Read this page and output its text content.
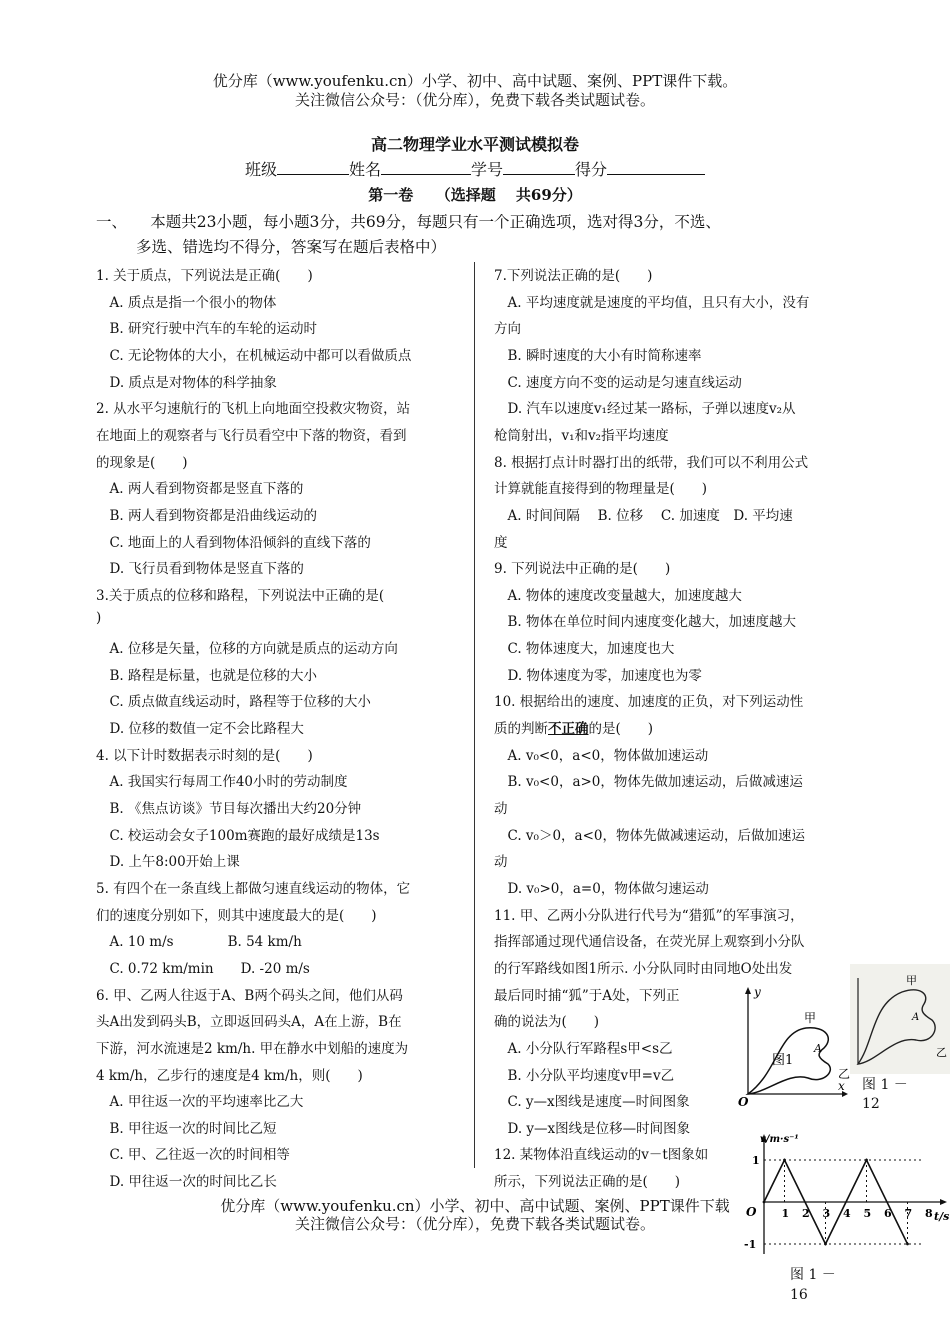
优分库（www.youfenku.cn）小学、初中、高中试题、案例、PPT课件下载。
关注微信公众号：（优分库），免费下载各类试题试卷。
高二物理学业水平测试模拟卷
班级	姓名	学号	得分
第一卷　　（选择题　 共69分）
一、　　本题共23小题，每小题3分，共69分，每题只有一个正确选项，选对得3分，不选、
多选、错选均不得分，答案写在题后表格中）
1. 关于质点，下列说法是正确(　　)
　A. 质点是指一个很小的物体
　B. 研究行驶中汽车的车轮的运动时
　C. 无论物体的大小，在机械运动中都可以看做质点
　D. 质点是对物体的科学抽象
2. 从水平匀速航行的飞机上向地面空投救灾物资，站
在地面上的观察者与飞行员看空中下落的物资，看到
的现象是(　　)
　A. 两人看到物资都是竖直下落的
　B. 两人看到物资都是沿曲线运动的
　C. 地面上的人看到物体沿倾斜的直线下落的
　D. 飞行员看到物体是竖直下落的
3.关于质点的位移和路程，下列说法中正确的是(
)
　A. 位移是矢量，位移的方向就是质点的运动方向
　B. 路程是标量，也就是位移的大小
　C. 质点做直线运动时，路程等于位移的大小
　D. 位移的数值一定不会比路程大
4. 以下计时数据表示时刻的是(　　)
　A. 我国实行每周工作40小时的劳动制度
　B. 《焦点访谈》节目每次播出大约20分钟
　C. 校运动会女子100m赛跑的最好成绩是13s
　D. 上午8:00开始上课
5. 有四个在一条直线上都做匀速直线运动的物体，它
们的速度分别如下，则其中速度最大的是(　　)
　A. 10 m/s　　　　B. 54 km/h
　C. 0.72 km/min　　D. -20 m/s
6. 甲、乙两人往返于A、B两个码头之间，他们从码
头A出发到码头B，立即返回码头A，A在上游，B在
下游，河水流速是2 km/h. 甲在静水中划船的速度为
4 km/h，乙步行的速度是4 km/h，则(　　)
　A. 甲往返一次的平均速率比乙大
　B. 甲往返一次的时间比乙短
　C. 甲、乙往返一次的时间相等
　D. 甲往返一次的时间比乙长
7.下列说法正确的是(　　)
　A. 平均速度就是速度的平均值，且只有大小，没有
方向
　B. 瞬时速度的大小有时简称速率
　C. 速度方向不变的运动是匀速直线运动
　D. 汽车以速度v₁经过某一路标，子弹以速度v₂从
枪筒射出，v₁和v₂指平均速度
8. 根据打点计时器打出的纸带，我们可以不利用公式
计算就能直接得到的物理量是(　　)
　A. 时间间隔　 B. 位移　 C. 加速度　D. 平均速
度
9. 下列说法中正确的是(　　)
　A. 物体的速度改变量越大，加速度越大
　B. 物体在单位时间内速度变化越大，加速度越大
　C. 物体速度大，加速度也大
　D. 物体速度为零，加速度也为零
10. 根据给出的速度、加速度的正负，对下列运动性
质的判断不正确的是(　　)
　A. v₀<0，a<0，物体做加速运动
　B. v₀<0，a>0，物体先做加速运动，后做减速运
动
　C. v₀＞0，a<0，物体先做减速运动，后做加速运
动
　D. v₀>0，a=0，物体做匀速运动
11. 甲、乙两小分队进行代号为“猎狐”的军事演习，
指挥部通过现代通信设备，在荧光屏上观察到小分队
的行军路线如图1所示. 小分队同时由同地O处出发
最后同时捕“狐”于A处，下列正
确的说法为(　　)
　A. 小分队行军路程s甲<s乙
　B. 小分队平均速度v甲=v乙
　C. y—x图线是速度—时间图象
　D. y—x图线是位移—时间图象
12. 某物体沿直线运动的v－t图象如
所示，下列说法正确的是(　　)
y
x
O
甲
乙
A
图1
甲
A
乙
图 1 －
12
v/m·s⁻¹
t/s
O 1 2 3 4 5 6 7 8
1
-1
图 1 －
16
优分库（www.youfenku.cn）小学、初中、高中试题、案例、PPT课件下载
关注微信公众号：（优分库），免费下载各类试题试卷。
